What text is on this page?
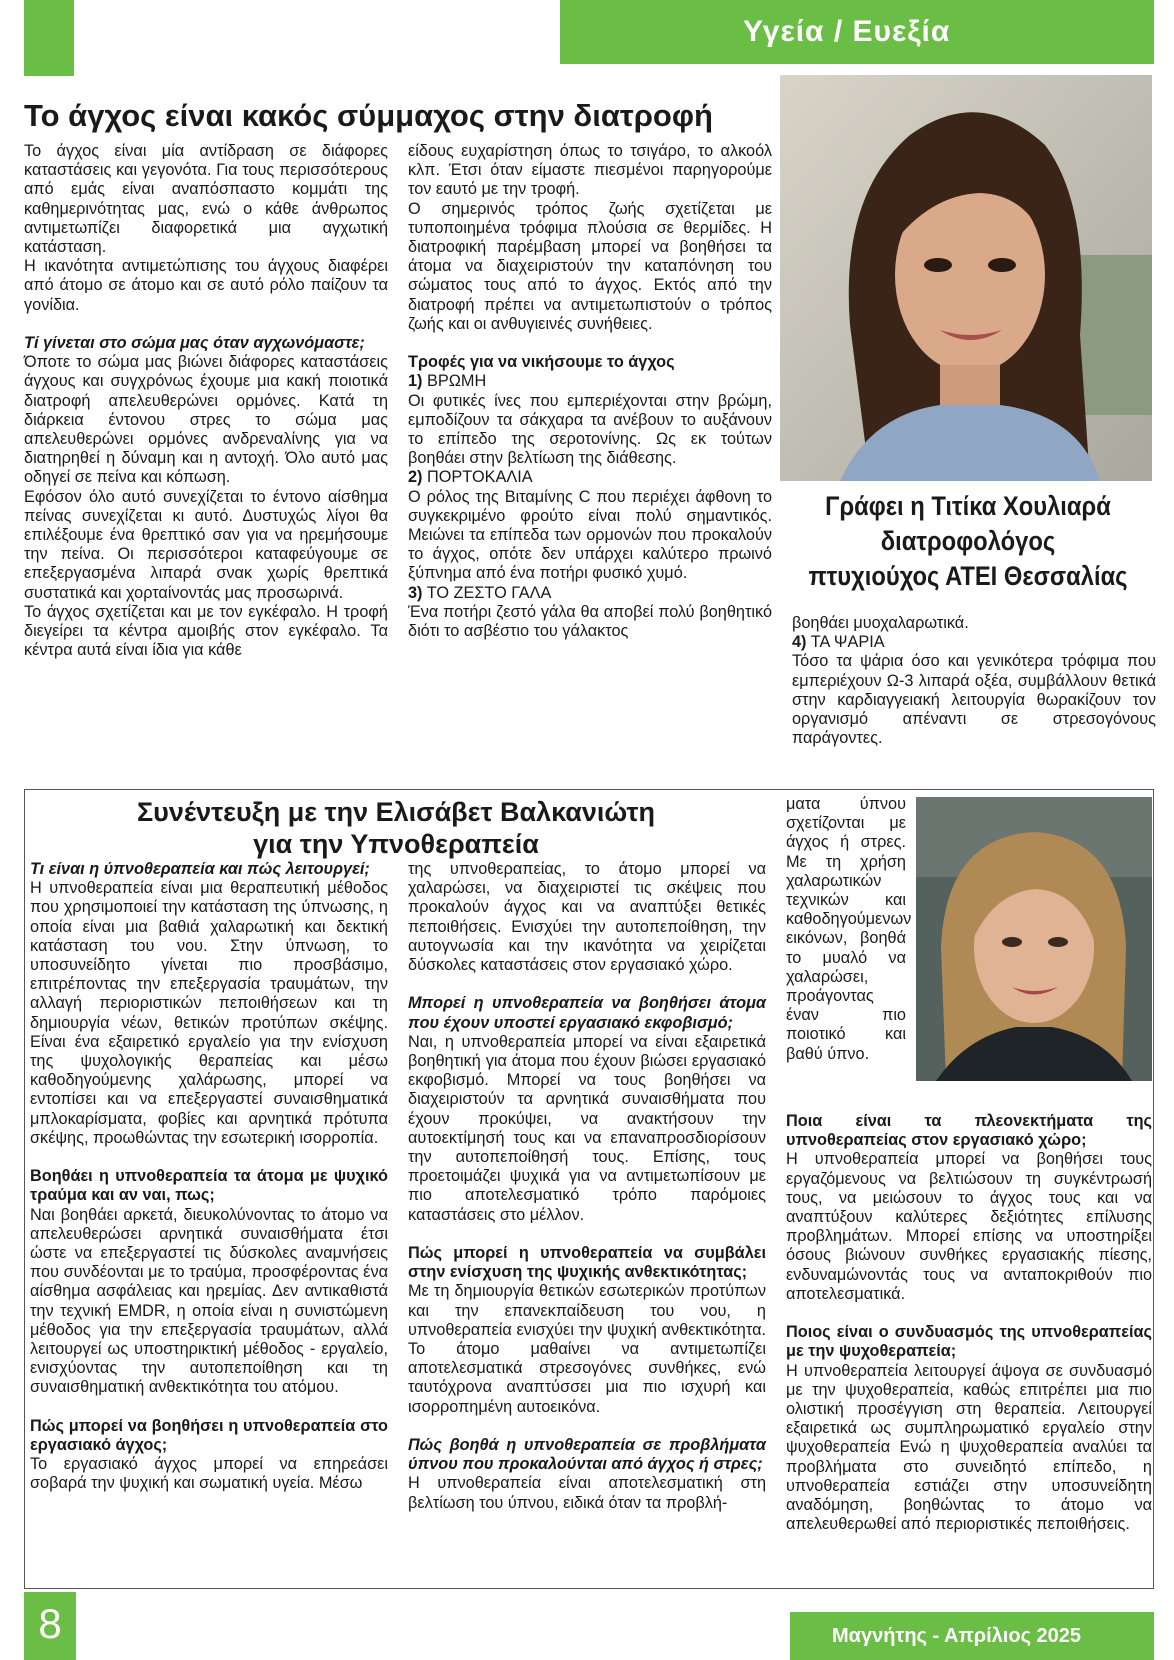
Υγεία / Ευεξία
Το άγχος είναι κακός σύμμαχος στην διατροφή

Το άγχος είναι μία αντίδραση σε διάφορες καταστάσεις και γεγονότα. Για τους περισσότερους από εμάς είναι αναπόσπαστο κομμάτι της καθημερινότητας μας, ενώ ο κάθε άνθρωπος αντιμετωπίζει διαφορετικά μια αγχωτική κατάσταση.

Η ικανότητα αντιμετώπισης του άγχους διαφέρει από άτομο σε άτομο και σε αυτό ρόλο παίζουν τα γονίδια.

Τί γίνεται στο σώμα μας όταν αγχωνόμαστε;

Όποτε το σώμα μας βιώνει διάφορες καταστάσεις άγχους και συγχρόνως έχουμε μια κακή ποιοτικά διατροφή απελευθερώνει ορμόνες. Κατά τη διάρκεια έντονου στρες το σώμα μας απελευθερώνει ορμόνες ανδρεναλίνης για να διατηρηθεί η δύναμη και η αντοχή. Όλο αυτό μας οδηγεί σε πείνα και κόπωση.

Εφόσον όλο αυτό συνεχίζεται το έντονο αίσθημα πείνας συνεχίζεται κι αυτό. Δυστυχώς λίγοι θα επιλέξουμε ένα θρεπτικό σαν για να ηρεμήσουμε την πείνα. Οι περισσότεροι καταφεύγουμε σε επεξεργασμένα λιπαρά σνακ χωρίς θρεπτικά συστατικά και χορταίνοντάς μας προσωρινά.

Το άγχος σχετίζεται και με τον εγκέφαλο. Η τροφή διεγείρει τα κέντρα αμοιβής στον εγκέφαλο. Τα κέντρα αυτά είναι ίδια για κάθε

είδους ευχαρίστηση όπως το τσιγάρο, το αλκοόλ κλπ. Έτσι όταν είμαστε πιεσμένοι παρηγορούμε τον εαυτό με την τροφή.

Ο σημερινός τρόπος ζωής σχετίζεται με τυποποιημένα τρόφιμα πλούσια σε θερμίδες. Η διατροφική παρέμβαση μπορεί να βοηθήσει τα άτομα να διαχειριστούν την καταπόνηση του σώματος τους από το άγχος. Εκτός από την διατροφή πρέπει να αντιμετωπιστούν ο τρόπος ζωής και οι ανθυγιεινές συνήθειες.

Τροφές για να νικήσουμε το άγχος

1) ΒΡΩΜΗ

Οι φυτικές ίνες που εμπεριέχονται στην βρώμη, εμποδίζουν τα σάκχαρα τα ανέβουν το αυξάνουν το επίπεδο της σεροτονίνης. Ως εκ τούτων βοηθάει στην βελτίωση της διάθεσης.

2) ΠΟΡΤΟΚΑΛΙΑ

Ο ρόλος της Βιταμίνης C που περιέχει άφθονη το συγκεκριμένο φρούτο είναι πολύ σημαντικός. Μειώνει τα επίπεδα των ορμονών που προκαλούν το άγχος, οπότε δεν υπάρχει καλύτερο πρωινό ξύπνημα από ένα ποτήρι φυσικό χυμό.

3) ΤΟ ΖΕΣΤΟ ΓΑΛΑ

Ένα ποτήρι ζεστό γάλα θα αποβεί πολύ βοηθητικό διότι το ασβέστιο του γάλακτος

Γράφει η Τιτίκα Χουλιαρά
διατροφολόγος
πτυχιούχος ΑΤΕΙ Θεσσαλίας

βοηθάει μυοχαλαρωτικά.

4) ΤΑ ΨΑΡΙΑ

Τόσο τα ψάρια όσο και γενικότερα τρόφιμα που εμπεριέχουν Ω-3 λιπαρά οξέα, συμβάλλουν θετικά στην καρδιαγγειακή λειτουργία θωρακίζουν τον οργανισμό απέναντι σε στρεσογόνους παράγοντες.

Συνέντευξη με την Ελισάβετ Βαλκανιώτη
για την Υπνοθεραπεία

Τι είναι η ύπνοθεραπεία και πώς λειτουργεί;

Η υπνοθεραπεία είναι μια θεραπευτική μέθοδος που χρησιμοποιεί την κατάσταση της ύπνωσης, η οποία είναι μια βαθιά χαλαρωτική και δεκτική κατάσταση του νου. Στην ύπνωση, το υποσυνείδητο γίνεται πιο προσβάσιμο, επιτρέποντας την επεξεργασία τραυμάτων, την αλλαγή περιοριστικών πεποιθήσεων και τη δημιουργία νέων, θετικών προτύπων σκέψης. Είναι ένα εξαιρετικό εργαλείο για την ενίσχυση της ψυχολογικής θεραπείας και μέσω καθοδηγούμενης χαλάρωσης, μπορεί να εντοπίσει και να επεξεργαστεί συναισθηματικά μπλοκαρίσματα, φοβίες και αρνητικά πρότυπα σκέψης, προωθώντας την εσωτερική ισορροπία.

Βοηθάει η υπνοθεραπεία τα άτομα με ψυχικό τραύμα και αν ναι, πως;

Ναι βοηθάει αρκετά, διευκολύνοντας το άτομο να απελευθερώσει αρνητικά συναισθήματα έτσι ώστε να επεξεργαστεί τις δύσκολες αναμνήσεις που συνδέονται με το τραύμα, προσφέροντας ένα αίσθημα ασφάλειας και ηρεμίας. Δεν αντικαθιστά την τεχνική EMDR, η οποία είναι η συνιστώμενη μέθοδος για την επεξεργασία τραυμάτων, αλλά λειτουργεί ως υποστηρικτική μέθοδος - εργαλείο, ενισχύοντας την αυτοπεποίθηση και τη συναισθηματική ανθεκτικότητα του ατόμου.

Πώς μπορεί να βοηθήσει η υπνοθεραπεία στο εργασιακό άγχος;

Το εργασιακό άγχος μπορεί να επηρεάσει σοβαρά την ψυχική και σωματική υγεία. Μέσω

της υπνοθεραπείας, το άτομο μπορεί να χαλαρώσει, να διαχειριστεί τις σκέψεις που προκαλούν άγχος και να αναπτύξει θετικές πεποιθήσεις. Ενισχύει την αυτοπεποίθηση, την αυτογνωσία και την ικανότητα να χειρίζεται δύσκολες καταστάσεις στον εργασιακό χώρο.

Μπορεί η υπνοθεραπεία να βοηθήσει άτομα που έχουν υποστεί εργασιακό εκφοβισμό;

Ναι, η υπνοθεραπεία μπορεί να είναι εξαιρετικά βοηθητική για άτομα που έχουν βιώσει εργασιακό εκφοβισμό. Μπορεί να τους βοηθήσει να διαχειριστούν τα αρνητικά συναισθήματα που έχουν προκύψει, να ανακτήσουν την αυτοεκτίμησή τους και να επαναπροσδιορίσουν την αυτοπεποίθησή τους. Επίσης, τους προετοιμάζει ψυχικά για να αντιμετωπίσουν με πιο αποτελεσματικό τρόπο παρόμοιες καταστάσεις στο μέλλον.

Πώς μπορεί η υπνοθεραπεία να συμβάλει στην ενίσχυση της ψυχικής ανθεκτικότητας;

Με τη δημιουργία θετικών εσωτερικών προτύπων και την επανεκπαίδευση του νου, η υπνοθεραπεία ενισχύει την ψυχική ανθεκτικότητα. Το άτομο μαθαίνει να αντιμετωπίζει αποτελεσματικά στρεσογόνες συνθήκες, ενώ ταυτόχρονα αναπτύσσει μια πιο ισχυρή και ισορροπημένη αυτοεικόνα.

Πώς βοηθά η υπνοθεραπεία σε προβλήματα ύπνου που προκαλούνται από άγχος ή στρες;

Η υπνοθεραπεία είναι αποτελεσματική στη βελτίωση του ύπνου, ειδικά όταν τα προβλή-

ματα ύπνου σχετίζονται με άγχος ή στρες. Με τη χρήση χαλαρωτικών τεχνικών και καθοδηγούμενων εικόνων, βοηθά το μυαλό να χαλαρώσει, προάγοντας έναν πιο ποιοτικό και βαθύ ύπνο.

Ποια είναι τα πλεονεκτήματα της υπνοθεραπείας στον εργασιακό χώρο;

Η υπνοθεραπεία μπορεί να βοηθήσει τους εργαζόμενους να βελτιώσουν τη συγκέντρωσή τους, να μειώσουν το άγχος τους και να αναπτύξουν καλύτερες δεξιότητες επίλυσης προβλημάτων. Μπορεί επίσης να υποστηρίξει όσους βιώνουν συνθήκες εργασιακής πίεσης, ενδυναμώνοντάς τους να ανταποκριθούν πιο αποτελεσματικά.

Ποιος είναι ο συνδυασμός της υπνοθεραπείας με την ψυχοθεραπεία;

Η υπνοθεραπεία λειτουργεί άψογα σε συνδυασμό με την ψυχοθεραπεία, καθώς επιτρέπει μια πιο ολιστική προσέγγιση στη θεραπεία. Λειτουργεί εξαιρετικά ως συμπληρωματικό εργαλείο στην ψυχοθεραπεία Ενώ η ψυχοθεραπεία αναλύει τα προβλήματα στο συνειδητό επίπεδο, η υπνοθεραπεία εστιάζει στην υποσυνείδητη αναδόμηση, βοηθώντας το άτομο να απελευθερωθεί από περιοριστικές πεποιθήσεις.

8	Μαγνήτης - Απρίλιος 2025
